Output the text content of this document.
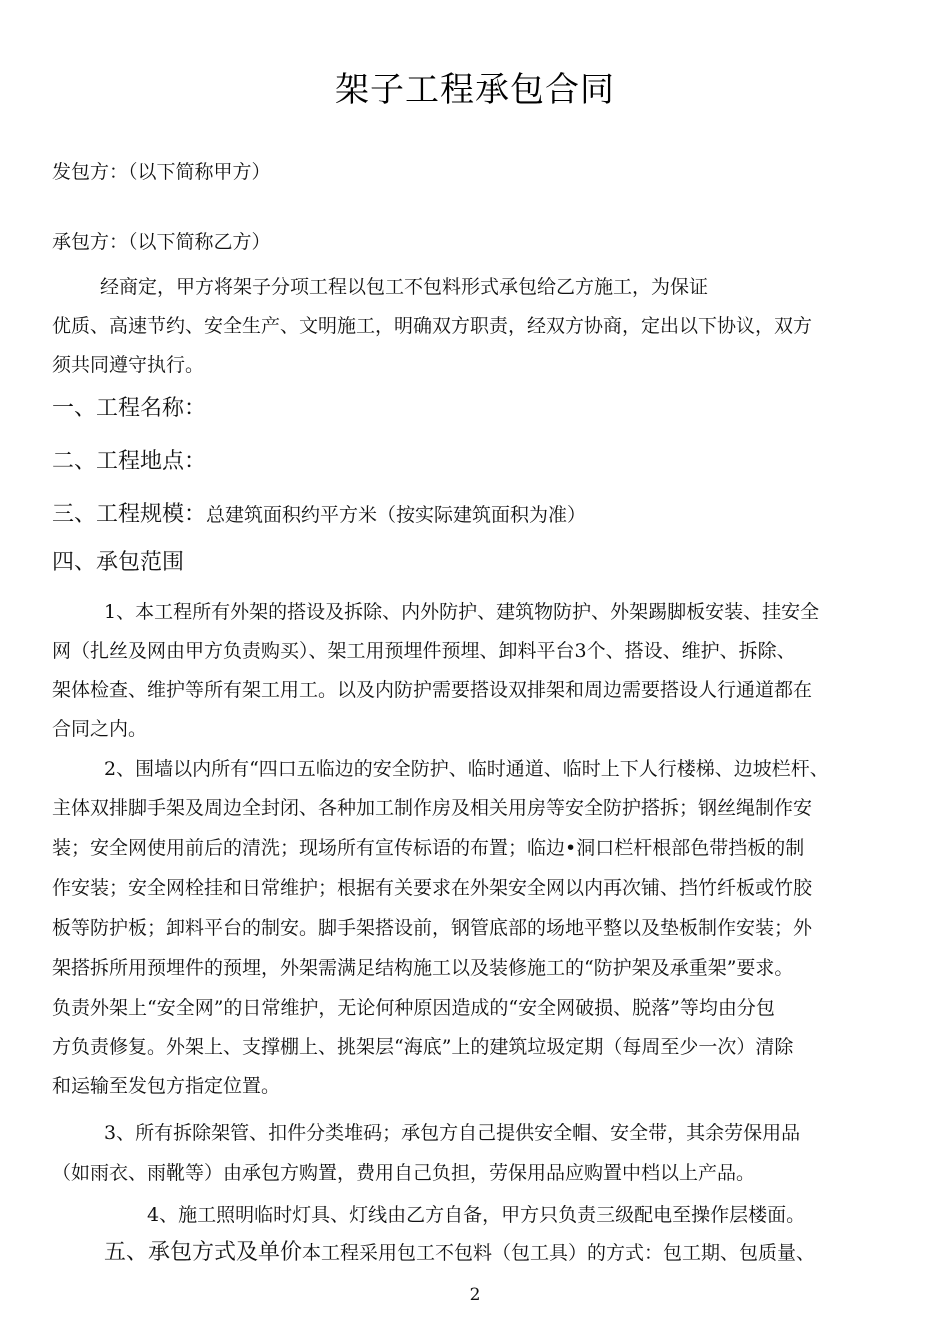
架子工程承包合同
发包方：（以下简称甲方）
承包方：（以下简称乙方）
经商定，甲方将架子分项工程以包工不包料形式承包给乙方施工，为保证
优质、高速节约、安全生产、文明施工，明确双方职责，经双方协商，定出以下协议，双方
须共同遵守执行。
一、工程名称：
二、工程地点：
三、工程规模：总建筑面积约平方米（按实际建筑面积为准）
四、承包范围
1、本工程所有外架的搭设及拆除、内外防护、建筑物防护、外架踢脚板安装、挂安全
网（扎丝及网由甲方负责购买）、架工用预埋件预埋、卸料平台3个、搭设、维护、拆除、
架体检查、维护等所有架工用工。以及内防护需要搭设双排架和周边需要搭设人行通道都在
合同之内。
2、围墙以内所有“四口五临边的安全防护、临时通道、临时上下人行楼梯、边坡栏杆、
主体双排脚手架及周边全封闭、各种加工制作房及相关用房等安全防护搭拆；钢丝绳制作安
装；安全网使用前后的清洗；现场所有宣传标语的布置；临边•洞口栏杆根部色带挡板的制
作安装；安全网栓挂和日常维护；根据有关要求在外架安全网以内再次铺、挡竹纤板或竹胶
板等防护板；卸料平台的制安。脚手架搭设前，钢管底部的场地平整以及垫板制作安装；外
架搭拆所用预埋件的预埋，外架需满足结构施工以及装修施工的“防护架及承重架”要求。
负责外架上“安全网”的日常维护，无论何种原因造成的“安全网破损、脱落”等均由分包
方负责修复。外架上、支撑棚上、挑架层“海底”上的建筑垃圾定期（每周至少一次）清除
和运输至发包方指定位置。
3、所有拆除架管、扣件分类堆码；承包方自己提供安全帽、安全带，其余劳保用品
（如雨衣、雨靴等）由承包方购置，费用自己负担，劳保用品应购置中档以上产品。
4、施工照明临时灯具、灯线由乙方自备，甲方只负责三级配电至操作层楼面。
五、承包方式及单价本工程采用包工不包料（包工具）的方式：包工期、包质量、
2
